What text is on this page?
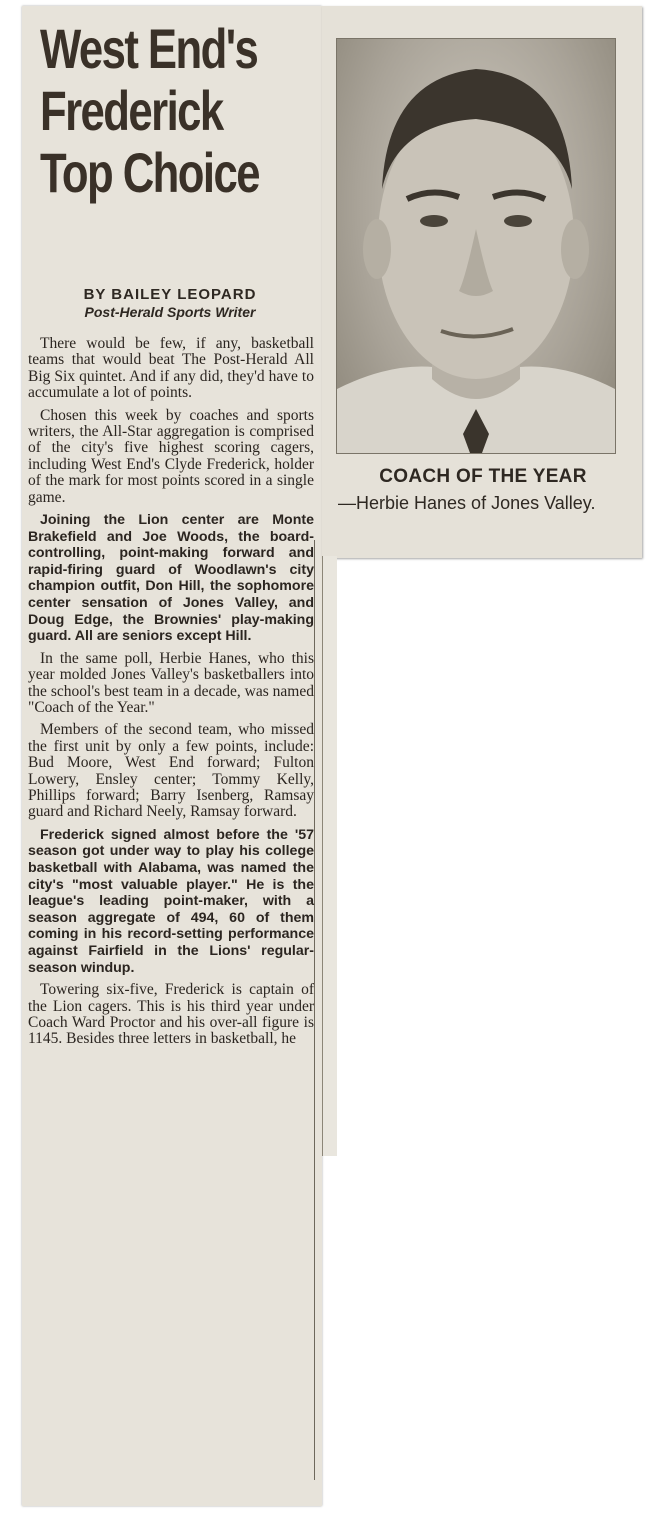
West End's
Frederick
Top Choice
BY BAILEY LEOPARD
Post-Herald Sports Writer

There would be few, if any, basketball teams that would beat The Post-Herald All Big Six quintet. And if any did, they'd have to accumulate a lot of points.

Chosen this week by coaches and sports writers, the All-Star aggregation is comprised of the city's five highest scoring cagers, including West End's Clyde Frederick, holder of the mark for most points scored in a single game.

Joining the Lion center are Monte Brakefield and Joe Woods, the board-controlling, point-making forward and rapid-firing guard of Woodlawn's city champion outfit, Don Hill, the sophomore center sensation of Jones Valley, and Doug Edge, the Brownies' play-making guard. All are seniors except Hill.

In the same poll, Herbie Hanes, who this year molded Jones Valley's basketballers into the school's best team in a decade, was named "Coach of the Year."

Members of the second team, who missed the first unit by only a few points, include: Bud Moore, West End forward; Fulton Lowery, Ensley center; Tommy Kelly, Phillips forward; Barry Isenberg, Ramsay guard and Richard Neely, Ramsay forward.

Frederick signed almost before the '57 season got under way to play his college basketball with Alabama, was named the city's "most valuable player." He is the league's leading point-maker, with a season aggregate of 494, 60 of them coming in his record-setting performance against Fairfield in the Lions' regular-season windup.

Towering six-five, Frederick is captain of the Lion cagers. This is his third year under Coach Ward Proctor and his over-all figure is 1145. Besides three letters in basketball, he

COACH OF THE YEAR
—Herbie Hanes of Jones Valley.
